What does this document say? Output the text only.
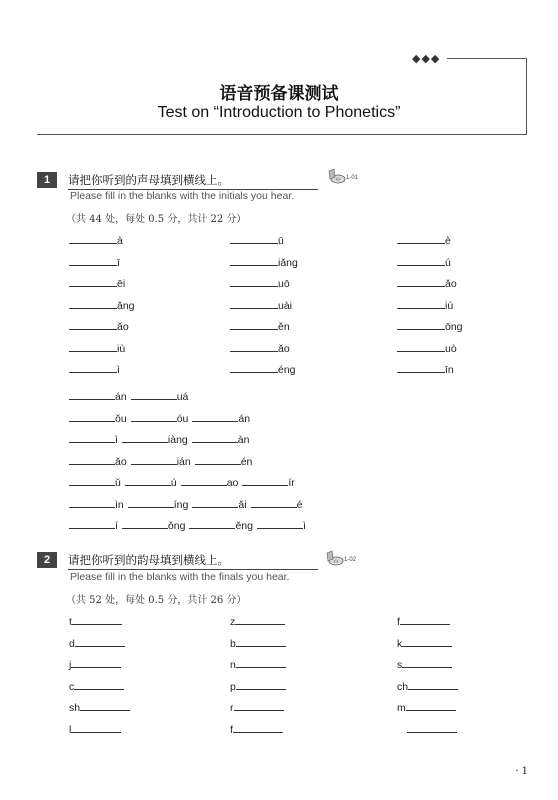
◆◆◆
语音预备课测试
Test on “Introduction to Phonetics”
1	请把你听到的声母填到横线上。	1-01
Please fill in the blanks with the initials you hear.
（共 44 处，每处 0.5 分，共计 22 分）
à	ū	è
ī	iǎng	ú
ēi	uō	ǎo
ǎng	uài	iú
ǎo	ěn	ōng
iù	ǎo	uò
ì	éng	īn
án	uá
ǒu	óu	án
ì	iàng	àn
ǎo	ián	én
ǔ	ú	ao	ír
ìn	íng	ǎi	é
í	ǒng	ěng	ì
2	请把你听到的韵母填到横线上。	1-02
Please fill in the blanks with the finals you hear.
（共 52 处，每处 0.5 分，共计 26 分）
t	z	f
d	b	k
j	n	s
c	p	ch
sh	r	m
l	f
· 1
